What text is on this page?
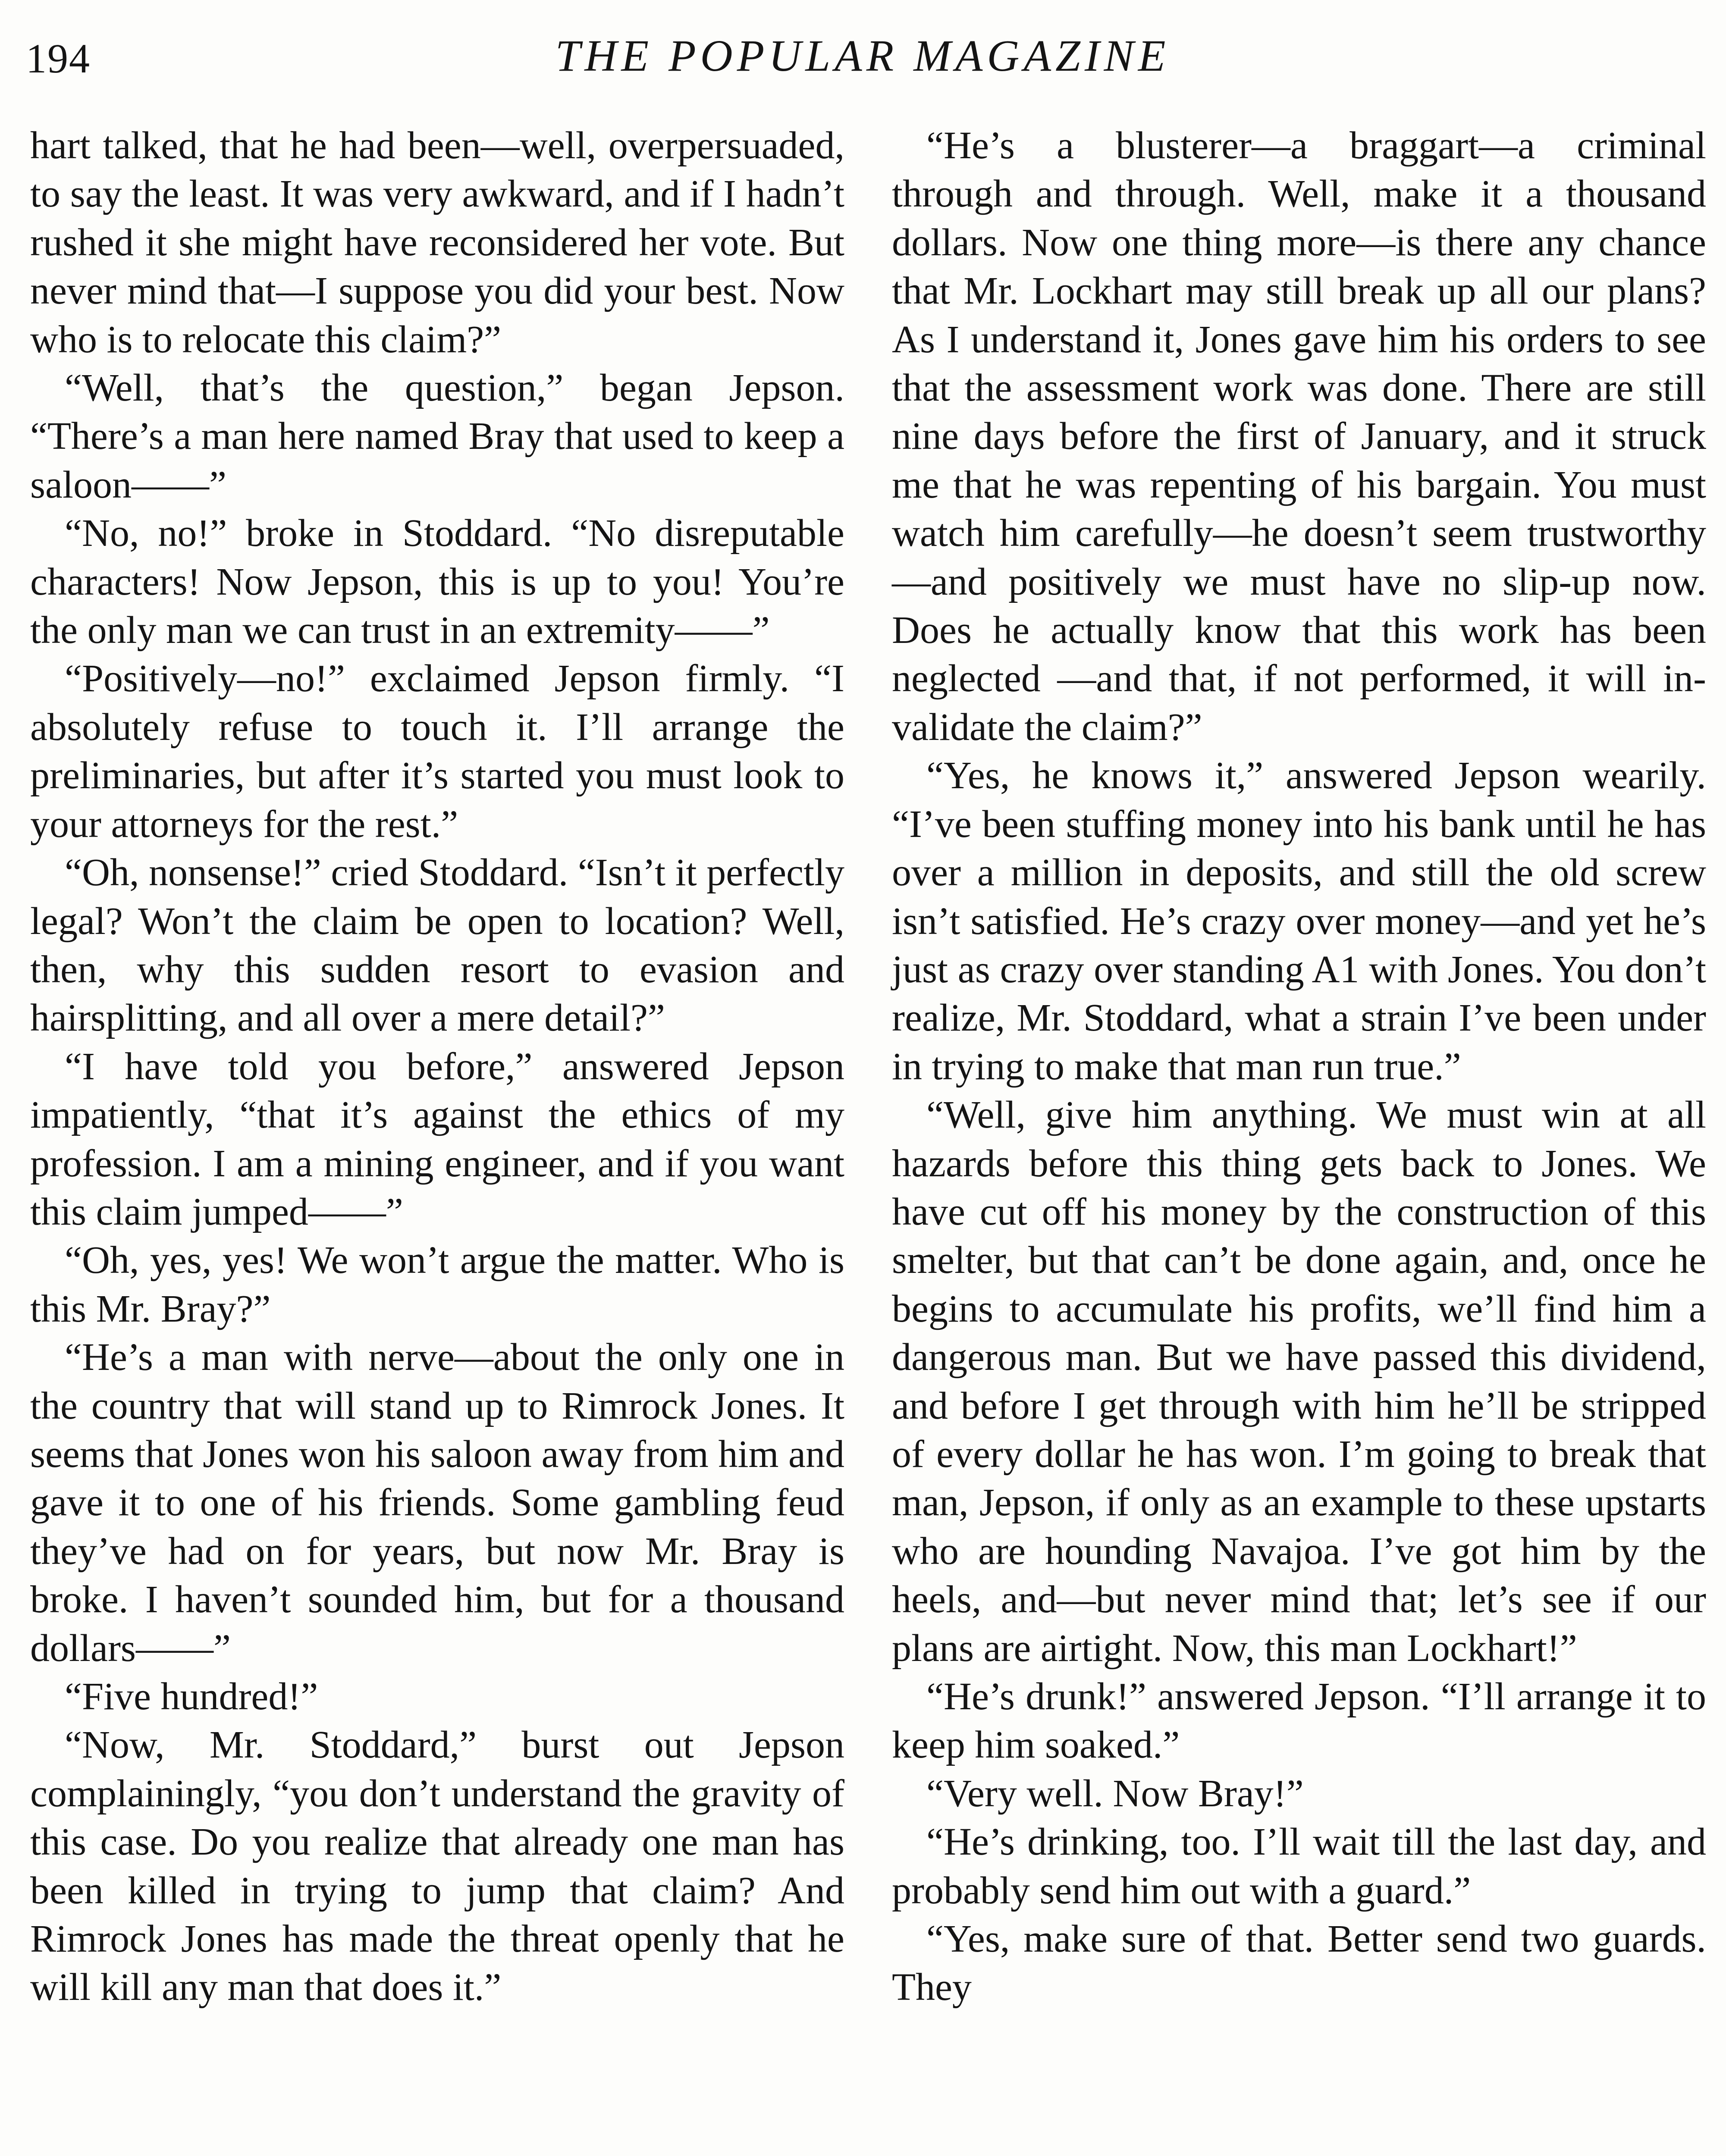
194	THE POPULAR MAGAZINE

hart talked, that he had been—well, overpersuaded, to say the least. It was very awkward, and if I hadn’t rushed it she might have reconsidered her vote. But never mind that—I suppose you did your best. Now who is to relocate this claim?”

“Well, that’s the question,” began Jepson. “There’s a man here named Bray that used to keep a saloon——”

“No, no!” broke in Stoddard. “No disreputable characters! Now Jepson, this is up to you! You’re the only man we can trust in an extremity——”

“Positively—no!” exclaimed Jepson firmly. “I absolutely refuse to touch it. I’ll arrange the preliminaries, but after it’s started you must look to your attorneys for the rest.”

“Oh, nonsense!” cried Stoddard. “Isn’t it perfectly legal? Won’t the claim be open to location? Well, then, why this sudden resort to evasion and hairsplitting, and all over a mere detail?”

“I have told you before,” answered Jepson impatiently, “that it’s against the ethics of my profession. I am a mining engineer, and if you want this claim jumped——”

“Oh, yes, yes! We won’t argue the matter. Who is this Mr. Bray?”

“He’s a man with nerve—about the only one in the country that will stand up to Rimrock Jones. It seems that Jones won his saloon away from him and gave it to one of his friends. Some gambling feud they’ve had on for years, but now Mr. Bray is broke. I haven’t sounded him, but for a thousand dollars——”

“Five hundred!”

“Now, Mr. Stoddard,” burst out Jepson complainingly, “you don’t understand the gravity of this case. Do you realize that already one man has been killed in trying to jump that claim? And Rimrock Jones has made the threat openly that he will kill any man that does it.”

“He’s a blusterer—a braggart—a criminal through and through. Well, make it a thousand dollars. Now one thing more—is there any chance that Mr. Lockhart may still break up all our plans? As I understand it, Jones gave him his orders to see that the assessment work was done. There are still nine days before the first of January, and it struck me that he was repenting of his bargain. You must watch him carefully—he doesn’t seem trustworthy—and positively we must have no slip-up now. Does he actually know that this work has been neglected —and that, if not performed, it will invalidate the claim?”

“Yes, he knows it,” answered Jepson wearily. “I’ve been stuffing money into his bank until he has over a million in deposits, and still the old screw isn’t satisfied. He’s crazy over money—and yet he’s just as crazy over standing A1 with Jones. You don’t realize, Mr. Stoddard, what a strain I’ve been under in trying to make that man run true.”

“Well, give him anything. We must win at all hazards before this thing gets back to Jones. We have cut off his money by the construction of this smelter, but that can’t be done again, and, once he begins to accumulate his profits, we’ll find him a dangerous man. But we have passed this dividend, and before I get through with him he’ll be stripped of every dollar he has won. I’m going to break that man, Jepson, if only as an example to these upstarts who are hounding Navajoa. I’ve got him by the heels, and—but never mind that; let’s see if our plans are airtight. Now, this man Lockhart!”

“He’s drunk!” answered Jepson. “I’ll arrange it to keep him soaked.”

“Very well. Now Bray!”

“He’s drinking, too. I’ll wait till the last day, and probably send him out with a guard.”

“Yes, make sure of that. Better send two guards. They
